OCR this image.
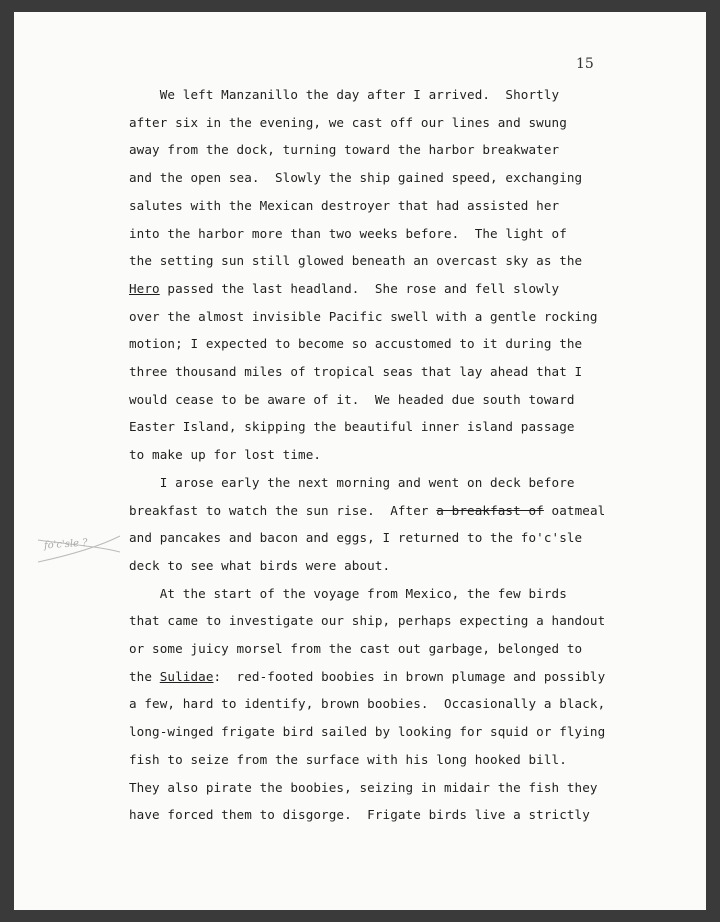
15
fo'c'sle ?
We left Manzanillo the day after I arrived.  Shortly
after six in the evening, we cast off our lines and swung
away from the dock, turning toward the harbor breakwater
and the open sea.  Slowly the ship gained speed, exchanging
salutes with the Mexican destroyer that had assisted her
into the harbor more than two weeks before.  The light of
the setting sun still glowed beneath an overcast sky as the
Hero passed the last headland.  She rose and fell slowly
over the almost invisible Pacific swell with a gentle rocking
motion; I expected to become so accustomed to it during the
three thousand miles of tropical seas that lay ahead that I
would cease to be aware of it.  We headed due south toward
Easter Island, skipping the beautiful inner island passage
to make up for lost time.
I arose early the next morning and went on deck before
breakfast to watch the sun rise.  After a breakfast of oatmeal
and pancakes and bacon and eggs, I returned to the fo'c'sle
deck to see what birds were about.
At the start of the voyage from Mexico, the few birds
that came to investigate our ship, perhaps expecting a handout
or some juicy morsel from the cast out garbage, belonged to
the Sulidae:  red-footed boobies in brown plumage and possibly
a few, hard to identify, brown boobies.  Occasionally a black,
long-winged frigate bird sailed by looking for squid or flying
fish to seize from the surface with his long hooked bill.
They also pirate the boobies, seizing in midair the fish they
have forced them to disgorge.  Frigate birds live a strictly
